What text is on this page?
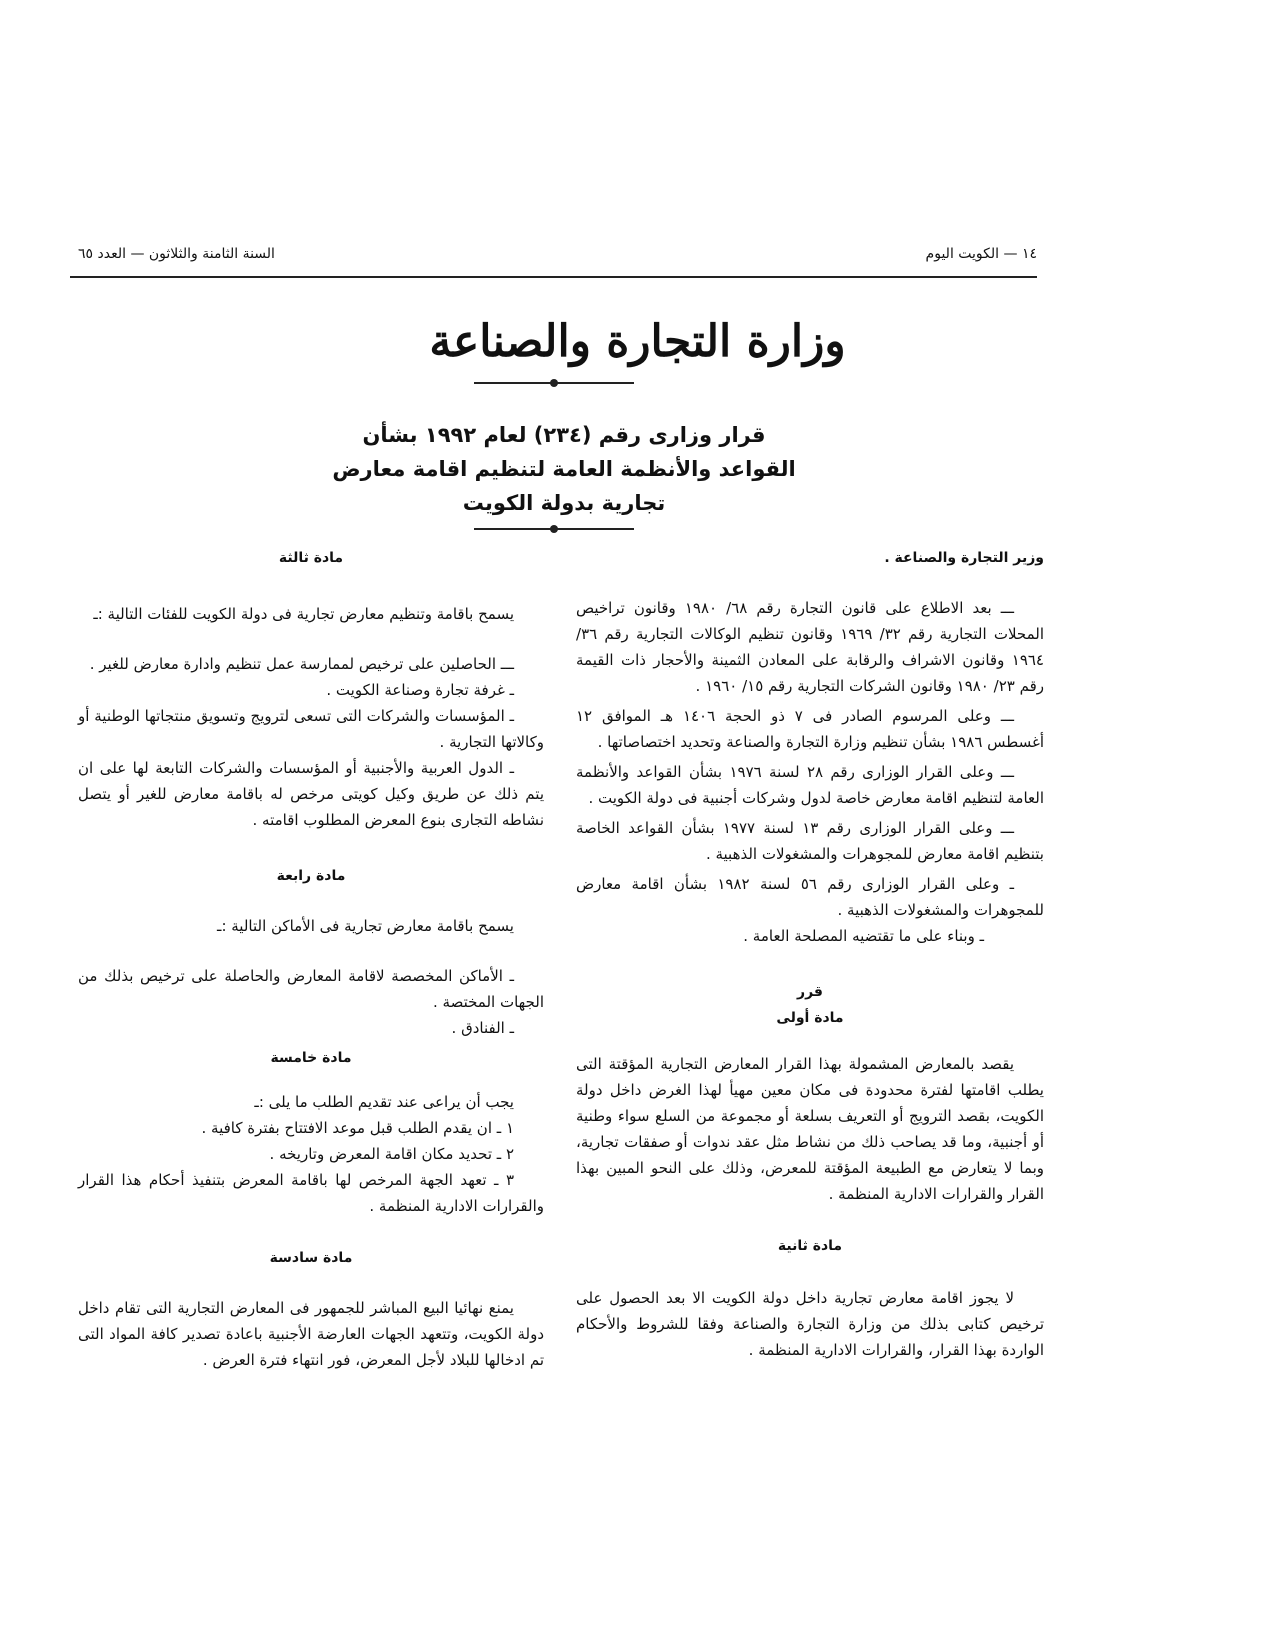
١٤ — الكويت اليوم
السنة الثامنة والثلاثون — العدد ٦٥
وزارة التجارة والصناعة
قرار وزارى رقم (٢٣٤) لعام ١٩٩٢ بشأن القواعد والأنظمة العامة لتنظيم اقامة معارض تجارية بدولة الكويت

وزير التجارة والصناعة .

ـــ بعد الاطلاع على قانون التجارة رقم ٦٨/ ١٩٨٠ وقانون تراخيص المحلات التجارية رقم ٣٢/ ١٩٦٩ وقانون تنظيم الوكالات التجارية رقم ٣٦/ ١٩٦٤ وقانون الاشراف والرقابة على المعادن الثمينة والأحجار ذات القيمة رقم ٢٣/ ١٩٨٠ وقانون الشركات التجارية رقم ١٥/ ١٩٦٠ .

ـــ وعلى المرسوم الصادر فى ٧ ذو الحجة ١٤٠٦ هـ الموافق ١٢ أغسطس ١٩٨٦ بشأن تنظيم وزارة التجارة والصناعة وتحديد اختصاصاتها .

ـــ وعلى القرار الوزارى رقم ٢٨ لسنة ١٩٧٦ بشأن القواعد والأنظمة العامة لتنظيم اقامة معارض خاصة لدول وشركات أجنبية فى دولة الكويت .

ـــ وعلى القرار الوزارى رقم ١٣ لسنة ١٩٧٧ بشأن القواعد الخاصة بتنظيم اقامة معارض للمجوهرات والمشغولات الذهبية .

ـ وعلى القرار الوزارى رقم ٥٦ لسنة ١٩٨٢ بشأن اقامة معارض للمجوهرات والمشغولات الذهبية .

ـ وبناء على ما تقتضيه المصلحة العامة .

قرر

مادة أولى

يقصد بالمعارض المشمولة بهذا القرار المعارض التجارية المؤقتة التى يطلب اقامتها لفترة محدودة فى مكان معين مهيأ لهذا الغرض داخل دولة الكويت، بقصد الترويج أو التعريف بسلعة أو مجموعة من السلع سواء وطنية أو أجنبية، وما قد يصاحب ذلك من نشاط مثل عقد ندوات أو صفقات تجارية، وبما لا يتعارض مع الطبيعة المؤقتة للمعرض، وذلك على النحو المبين بهذا القرار والقرارات الادارية المنظمة .

مادة ثانية

لا يجوز اقامة معارض تجارية داخل دولة الكويت الا بعد الحصول على ترخيص كتابى بذلك من وزارة التجارة والصناعة وفقا للشروط والأحكام الواردة بهذا القرار، والقرارات الادارية المنظمة .

مادة ثالثة

يسمح باقامة وتنظيم معارض تجارية فى دولة الكويت للفئات التالية :ـ

ـــ الحاصلين على ترخيص لممارسة عمل تنظيم وادارة معارض للغير .

ـ غرفة تجارة وصناعة الكويت .

ـ المؤسسات والشركات التى تسعى لترويج وتسويق منتجاتها الوطنية أو وكالاتها التجارية .

ـ الدول العربية والأجنبية أو المؤسسات والشركات التابعة لها على ان يتم ذلك عن طريق وكيل كويتى مرخص له باقامة معارض للغير أو يتصل نشاطه التجارى بنوع المعرض المطلوب اقامته .

مادة رابعة

يسمح باقامة معارض تجارية فى الأماكن التالية :ـ

ـ الأماكن المخصصة لاقامة المعارض والحاصلة على ترخيص بذلك من الجهات المختصة .

ـ الفنادق .

مادة خامسة

يجب أن يراعى عند تقديم الطلب ما يلى :ـ

١ ـ ان يقدم الطلب قبل موعد الافتتاح بفترة كافية .

٢ ـ تحديد مكان اقامة المعرض وتاريخه .

٣ ـ تعهد الجهة المرخص لها باقامة المعرض بتنفيذ أحكام هذا القرار والقرارات الادارية المنظمة .

مادة سادسة

يمنع نهائيا البيع المباشر للجمهور فى المعارض التجارية التى تقام داخل دولة الكويت، وتتعهد الجهات العارضة الأجنبية باعادة تصدير كافة المواد التى تم ادخالها للبلاد لأجل المعرض، فور انتهاء فترة العرض .
